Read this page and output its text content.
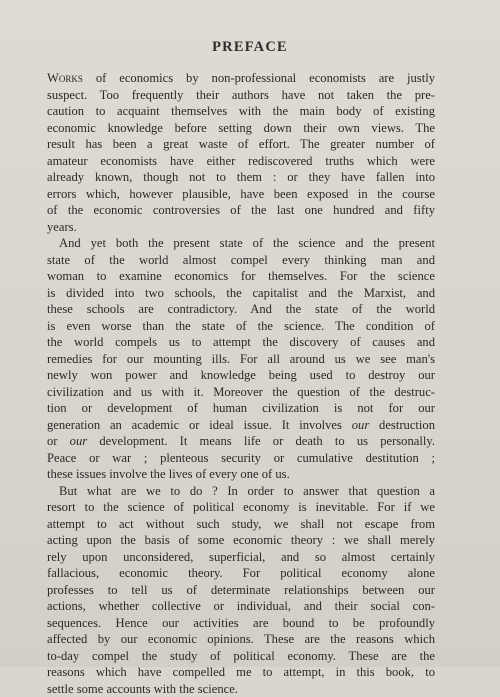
PREFACE
Works of economics by non-professional economists are justly
suspect. Too frequently their authors have not taken the pre-
caution to acquaint themselves with the main body of existing
economic knowledge before setting down their own views. The
result has been a great waste of effort. The greater number of
amateur economists have either rediscovered truths which were
already known, though not to them : or they have fallen into
errors which, however plausible, have been exposed in the course
of the economic controversies of the last one hundred and fifty
years.
And yet both the present state of the science and the present
state of the world almost compel every thinking man and
woman to examine economics for themselves. For the science
is divided into two schools, the capitalist and the Marxist, and
these schools are contradictory. And the state of the world
is even worse than the state of the science. The condition of
the world compels us to attempt the discovery of causes and
remedies for our mounting ills. For all around us we see man's
newly won power and knowledge being used to destroy our
civilization and us with it. Moreover the question of the destruc-
tion or development of human civilization is not for our
generation an academic or ideal issue. It involves our destruction
or our development. It means life or death to us personally.
Peace or war ; plenteous security or cumulative destitution ;
these issues involve the lives of every one of us.
But what are we to do ? In order to answer that question a
resort to the science of political economy is inevitable. For if we
attempt to act without such study, we shall not escape from
acting upon the basis of some economic theory : we shall merely
rely upon unconsidered, superficial, and so almost certainly
fallacious, economic theory. For political economy alone
professes to tell us of determinate relationships between our
actions, whether collective or individual, and their social con-
sequences. Hence our activities are bound to be profoundly
affected by our economic opinions. These are the reasons which
to-day compel the study of political economy. These are the
reasons which have compelled me to attempt, in this book, to
settle some accounts with the science.
